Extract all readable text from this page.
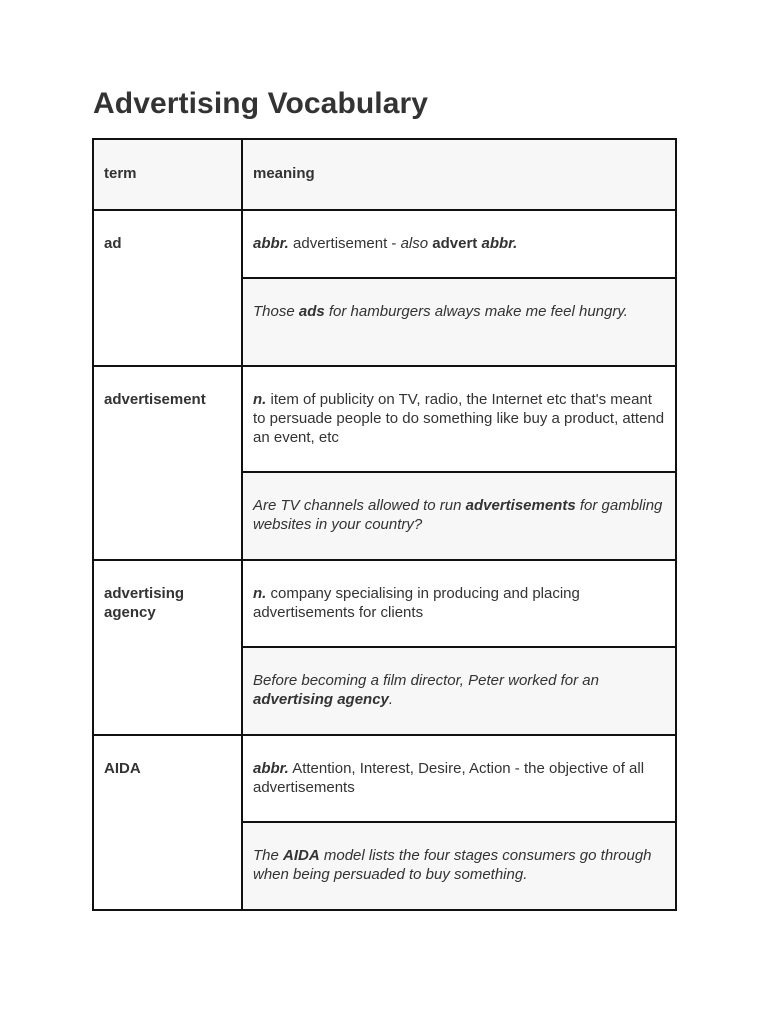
Advertising Vocabulary
term	meaning
ad	abbr. advertisement - also advert abbr.
	Those ads for hamburgers always make me feel hungry.
advertisement	n. item of publicity on TV, radio, the Internet etc that's meant to persuade people to do something like buy a product, attend an event, etc
	Are TV channels allowed to run advertisements for gambling websites in your country?
advertising agency	n. company specialising in producing and placing advertisements for clients
	Before becoming a film director, Peter worked for an advertising agency.
AIDA	abbr. Attention, Interest, Desire, Action - the objective of all advertisements
	The AIDA model lists the four stages consumers go through when being persuaded to buy something.
